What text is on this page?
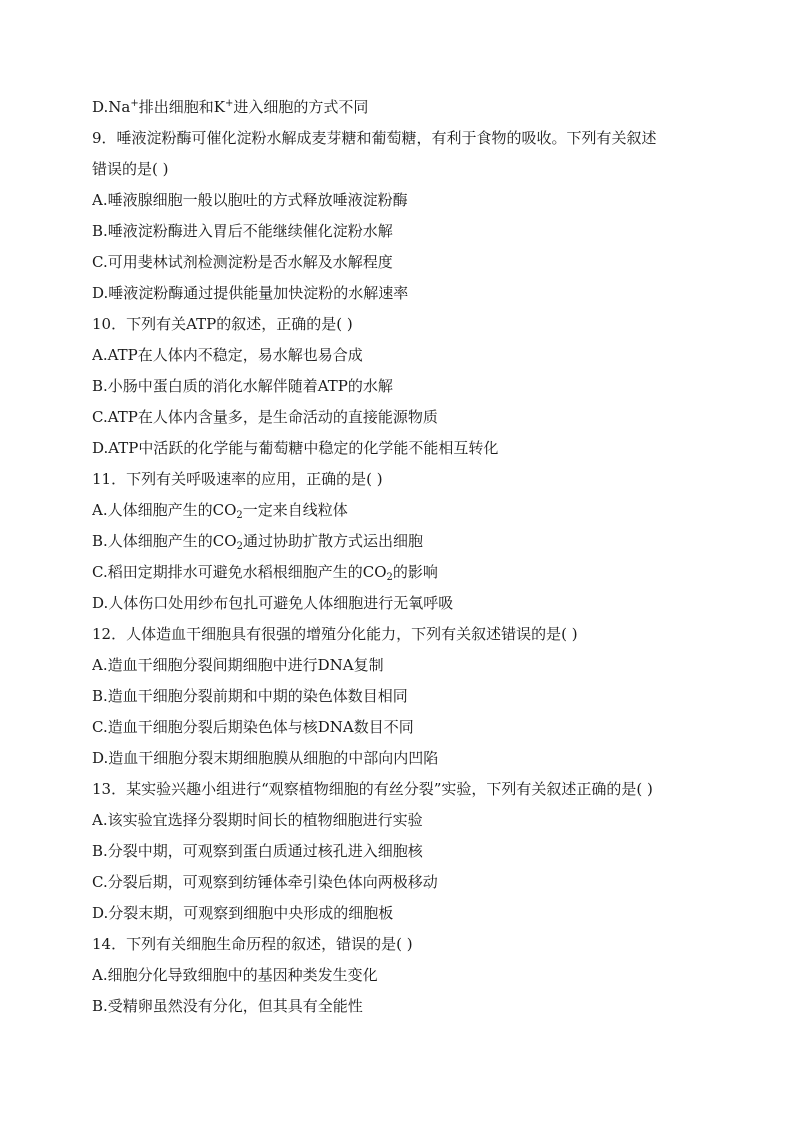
D.Na+排出细胞和K+进入细胞的方式不同
9．唾液淀粉酶可催化淀粉水解成麦芽糖和葡萄糖，有利于食物的吸收。下列有关叙述
错误的是( )
A.唾液腺细胞一般以胞吐的方式释放唾液淀粉酶
B.唾液淀粉酶进入胃后不能继续催化淀粉水解
C.可用斐林试剂检测淀粉是否水解及水解程度
D.唾液淀粉酶通过提供能量加快淀粉的水解速率
10．下列有关ATP的叙述，正确的是( )
A.ATP在人体内不稳定，易水解也易合成
B.小肠中蛋白质的消化水解伴随着ATP的水解
C.ATP在人体内含量多，是生命活动的直接能源物质
D.ATP中活跃的化学能与葡萄糖中稳定的化学能不能相互转化
11．下列有关呼吸速率的应用，正确的是( )
A.人体细胞产生的$CO_2$一定来自线粒体
B.人体细胞产生的$CO_2$通过协助扩散方式运出细胞
C.稻田定期排水可避免水稻根细胞产生的$CO_2$的影响
D.人体伤口处用纱布包扎可避免人体细胞进行无氧呼吸
12．人体造血干细胞具有很强的增殖分化能力，下列有关叙述错误的是( )
A.造血干细胞分裂间期细胞中进行DNA复制
B.造血干细胞分裂前期和中期的染色体数目相同
C.造血干细胞分裂后期染色体与核DNA数目不同
D.造血干细胞分裂末期细胞膜从细胞的中部向内凹陷
13．某实验兴趣小组进行“观察植物细胞的有丝分裂”实验，下列有关叙述正确的是( )
A.该实验宜选择分裂期时间长的植物细胞进行实验
B.分裂中期，可观察到蛋白质通过核孔进入细胞核
C.分裂后期，可观察到纺锤体牵引染色体向两极移动
D.分裂末期，可观察到细胞中央形成的细胞板
14．下列有关细胞生命历程的叙述，错误的是( )
A.细胞分化导致细胞中的基因种类发生变化
B.受精卵虽然没有分化，但其具有全能性
